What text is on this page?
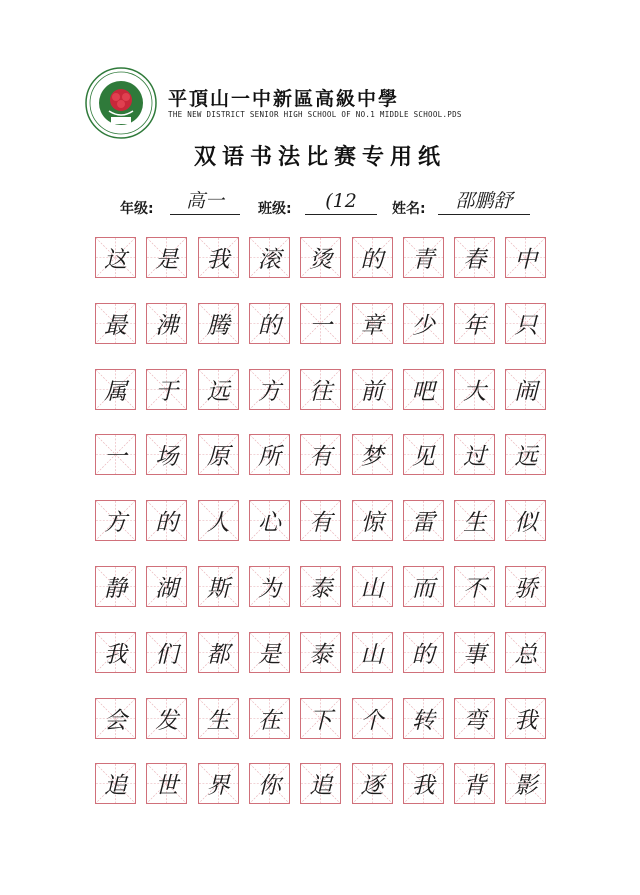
平頂山一中新區高級中學
THE NEW DISTRICT SENIOR HIGH SCHOOL OF NO.1 MIDDLE SCHOOL.PDS
双语书法比赛专用纸
年级:	高一	班级:	(12	姓名:	邵鹏舒
这	是	我	滚	烫	的	青	春	中
最	沸	腾	的	一	章	少	年	只
属	于	远	方	往	前	吧	大	闹
一	场	原	所	有	梦	见	过	远
方	的	人	心	有	惊	雷	生	似
静	湖	斯	为	泰	山	而	不	骄
我	们	都	是	泰	山	的	事	总
会	发	生	在	下	个	转	弯	我
追	世	界	你	追	逐	我	背	影
